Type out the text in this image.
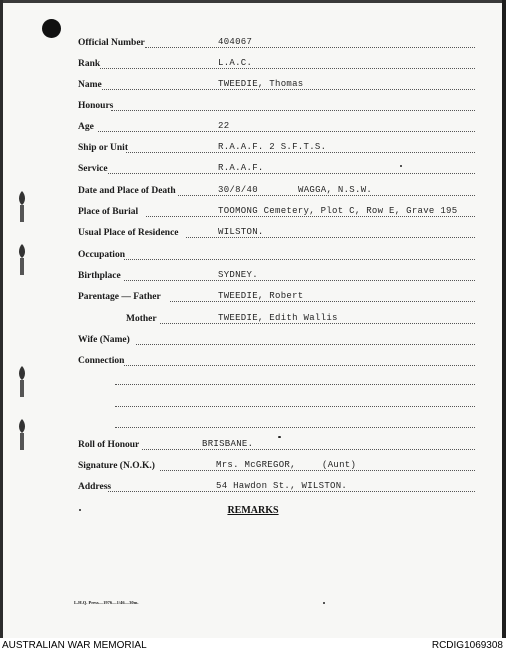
Official Number	404067
Rank	L.A.C.
Name	TWEEDIE, Thomas
Honours
Age	22
Ship or Unit	R.A.A.F. 2 S.F.T.S.
Service	R.A.A.F.
Date and Place of Death	30/8/40	WAGGA, N.S.W.
Place of Burial	TOOMONG Cemetery, Plot C, Row E, Grave 195
Usual Place of Residence	WILSTON.
Occupation
Birthplace	SYDNEY.
Parentage — Father	TWEEDIE, Robert
Mother	TWEEDIE, Edith Wallis
Wife (Name)
Connection
Roll of Honour	BRISBANE.
Signature (N.O.K.)	Mrs. McGREGOR,	(Aunt)
Address	54 Hawdon St., WILSTON.
REMARKS
L.H.Q. Press—1976—1/46—30m.
AUSTRALIAN WAR MEMORIAL	RCDIG1069308
